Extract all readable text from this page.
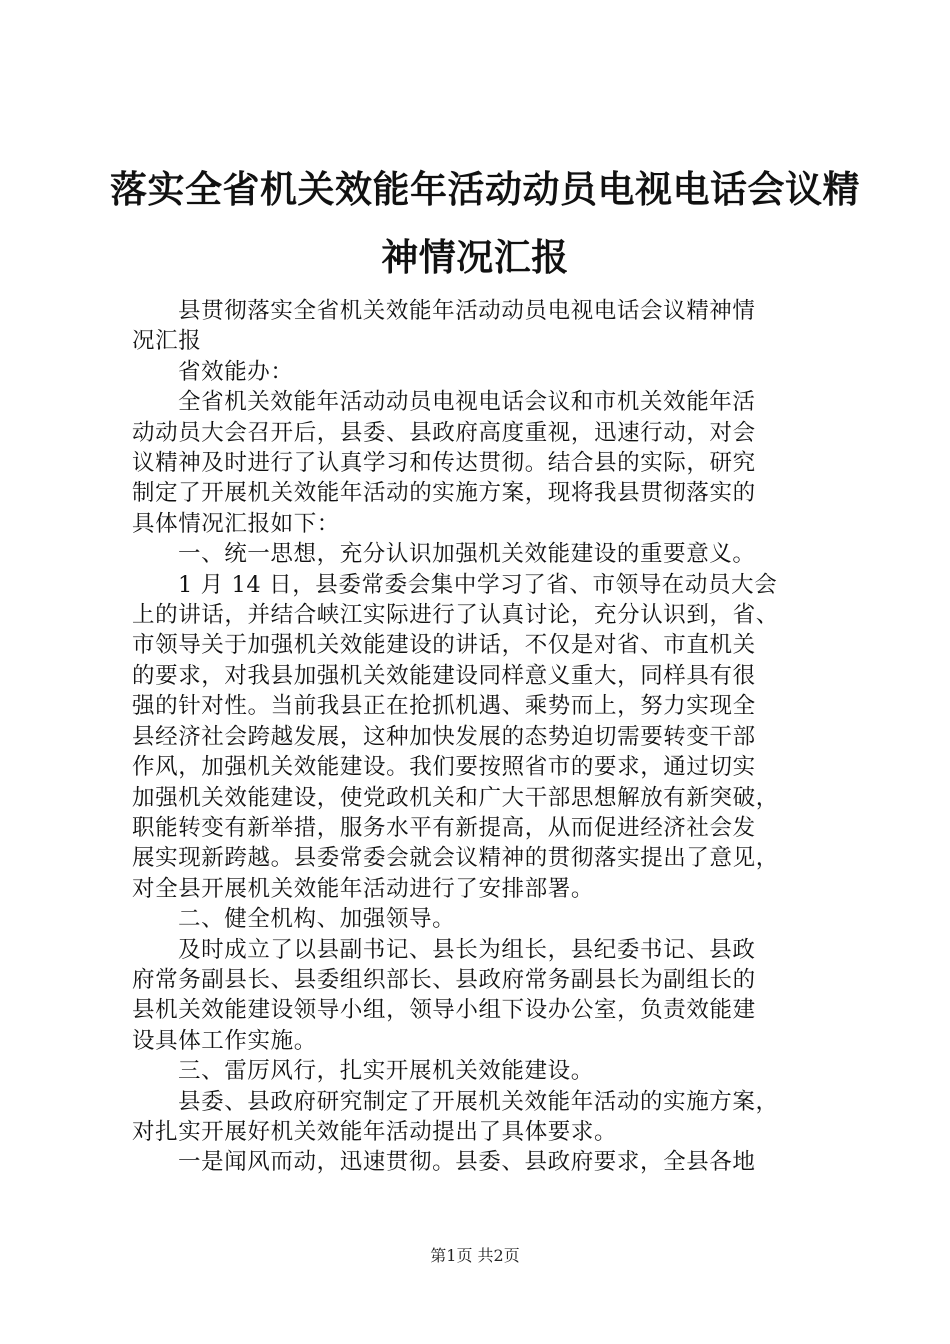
落实全省机关效能年活动动员电视电话会议精
神情况汇报
县贯彻落实全省机关效能年活动动员电视电话会议精神情
况汇报
省效能办：
全省机关效能年活动动员电视电话会议和市机关效能年活
动动员大会召开后，县委、县政府高度重视，迅速行动，对会
议精神及时进行了认真学习和传达贯彻。结合县的实际，研究
制定了开展机关效能年活动的实施方案，现将我县贯彻落实的
具体情况汇报如下：
一、统一思想，充分认识加强机关效能建设的重要意义。
1 月 14 日，县委常委会集中学习了省、市领导在动员大会
上的讲话，并结合峡江实际进行了认真讨论，充分认识到，省、
市领导关于加强机关效能建设的讲话，不仅是对省、市直机关
的要求，对我县加强机关效能建设同样意义重大，同样具有很
强的针对性。当前我县正在抢抓机遇、乘势而上，努力实现全
县经济社会跨越发展，这种加快发展的态势迫切需要转变干部
作风，加强机关效能建设。我们要按照省市的要求，通过切实
加强机关效能建设，使党政机关和广大干部思想解放有新突破，
职能转变有新举措，服务水平有新提高，从而促进经济社会发
展实现新跨越。县委常委会就会议精神的贯彻落实提出了意见，
对全县开展机关效能年活动进行了安排部署。
二、健全机构、加强领导。
及时成立了以县副书记、县长为组长，县纪委书记、县政
府常务副县长、县委组织部长、县政府常务副县长为副组长的
县机关效能建设领导小组，领导小组下设办公室，负责效能建
设具体工作实施。
三、雷厉风行，扎实开展机关效能建设。
县委、县政府研究制定了开展机关效能年活动的实施方案，
对扎实开展好机关效能年活动提出了具体要求。
一是闻风而动，迅速贯彻。县委、县政府要求，全县各地
第1页 共2页
